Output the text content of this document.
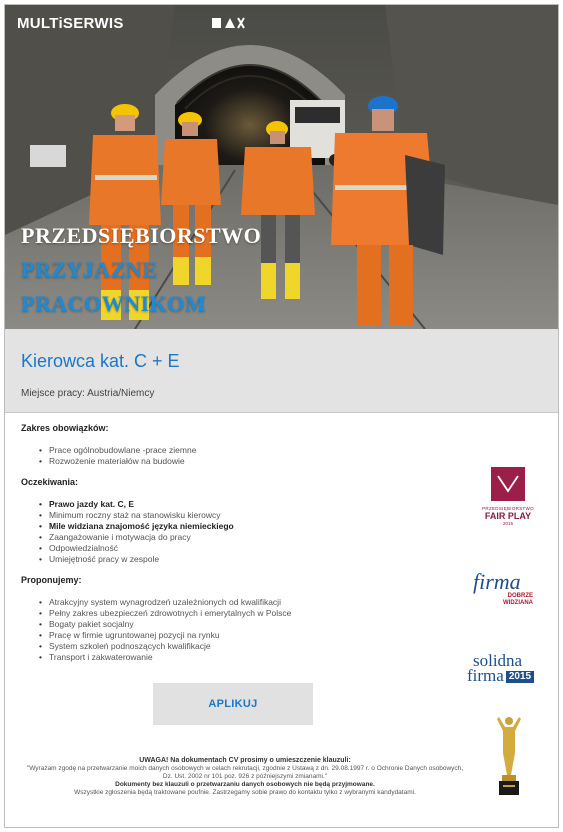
MULTiSERWIS
PRZEDSIĘBIORSTWO
PRZYJAZNE
PRACOWNIKOM
Kierowca kat. C + E
Miejsce pracy: Austria/Niemcy
Zakres obowiązków:
• Prace ogólnobudowlane -prace ziemne
• Rozwożenie materiałów na budowie
Oczekiwania:
• Prawo jazdy kat. C, E
• Minimum roczny staż na stanowisku kierowcy
• Mile widziana znajomość języka niemieckiego
• Zaangażowanie i motywacja do pracy
• Odpowiedzialność
• Umiejętność pracy w zespole
Proponujemy:
• Atrakcyjny system wynagrodzeń uzależnionych od kwalifikacji
• Pełny zakres ubezpieczeń zdrowotnych i emerytalnych w Polsce
• Bogaty pakiet socjalny
• Pracę w firmie ugruntowanej pozycji na rynku
• System szkoleń podnoszących kwalifikacje
• Transport i zakwaterowanie
PRZEDSIĘBIORSTWO
FAIR PLAY
2015
firma
DOBRZE
WIDZIANA
solidna
firma 2015
APLIKUJ
UWAGA! Na dokumentach CV prosimy o umieszczenie klauzuli:
"Wyrażam zgodę na przetwarzanie moich danych osobowych w celach rekrutacji, zgodnie z Ustawą z dn. 29.08.1997 r. o Ochronie Danych osobowych, Dz. Ust. 2002 nr 101 poz. 926 z późniejszymi zmianami."
Dokumenty bez klauzuli o przetwarzaniu danych osobowych nie będą przyjmowane.
Wszystkie zgłoszenia będą traktowane poufnie. Zastrzegamy sobie prawo do kontaktu tylko z wybranymi kandydatami.
